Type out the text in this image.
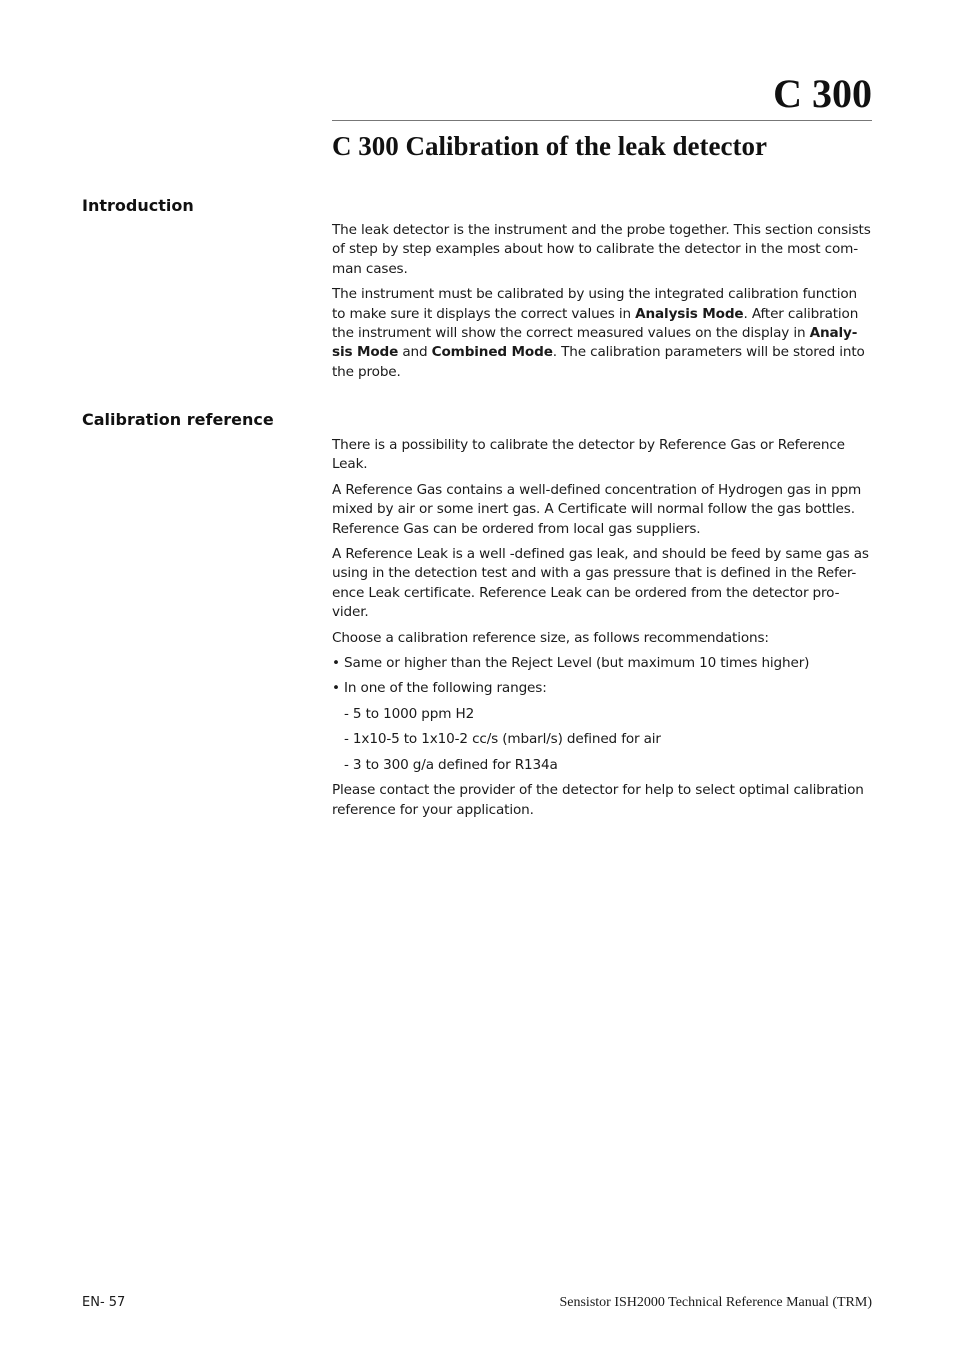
C 300
C 300 Calibration of the leak detector
Introduction

The leak detector is the instrument and the probe together. This section consists of step by step examples about how to calibrate the detector in the most com-man cases.

The instrument must be calibrated by using the integrated calibration function to make sure it displays the correct values in Analysis Mode. After calibration the instrument will show the correct measured values on the display in Analy-sis Mode and Combined Mode. The calibration parameters will be stored into the probe.

Calibration reference

There is a possibility to calibrate the detector by Reference Gas or Reference Leak.

A Reference Gas contains a well-defined concentration of Hydrogen gas in ppm mixed by air or some inert gas. A Certificate will normal follow the gas bottles. Reference Gas can be ordered from local gas suppliers.

A Reference Leak is a well -defined gas leak, and should be feed by same gas as using in the detection test and with a gas pressure that is defined in the Refer-ence Leak certificate. Reference Leak can be ordered from the detector pro-vider.

Choose a calibration reference size, as follows recommendations:

• Same or higher than the Reject Level (but maximum 10 times higher)

• In one of the following ranges:

- 5 to 1000 ppm H2

- 1x10-5 to 1x10-2 cc/s (mbarl/s) defined for air

- 3 to 300 g/a defined for R134a

Please contact the provider of the detector for help to select optimal calibration reference for your application.

EN- 57	Sensistor ISH2000 Technical Reference Manual (TRM)
